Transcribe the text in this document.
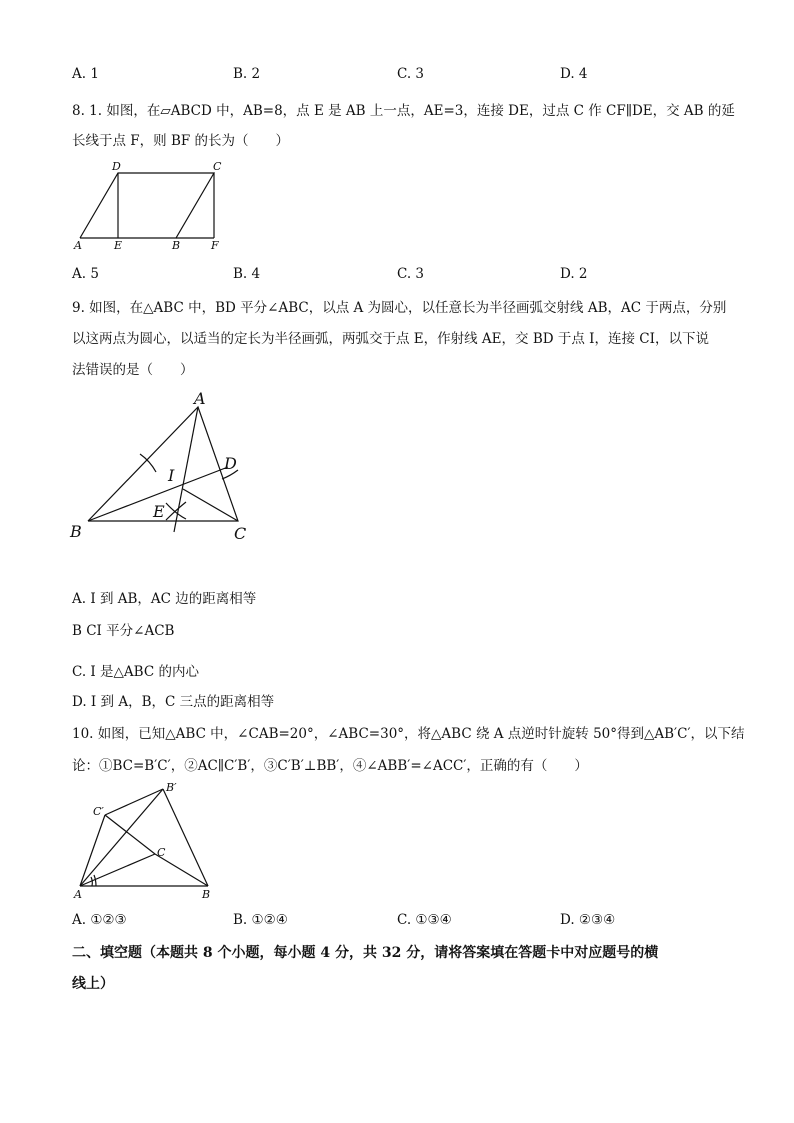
A. 1	B. 2	C. 3	D. 4
8. 1. 如图，在▱ABCD 中，AB=8，点 E 是 AB 上一点，AE=3，连接 DE，过点 C 作 CF∥DE，交 AB 的延
长线于点 F，则 BF 的长为（　　）
A
D	C
E	B	F
A. 5	B. 4	C. 3	D. 2
9. 如图，在△ABC 中，BD 平分∠ABC，以点 A 为圆心，以任意长为半径画弧交射线 AB，AC 于两点，分别
以这两点为圆心，以适当的定长为半径画弧，两弧交于点 E，作射线 AE，交 BD 于点 I，连接 CI，以下说
法错误的是（　　）
A
B	C
D
E
I
A. I 到 AB，AC 边的距离相等
B CI 平分∠ACB
C. I 是△ABC 的内心
D. I 到 A，B，C 三点的距离相等
10. 如图，已知△ABC 中，∠CAB=20°，∠ABC=30°，将△ABC 绕 A 点逆时针旋转 50°得到△AB′C′，以下结
论：①BC=B′C′，②AC∥C′B′，③C′B′⊥BB′，④∠ABB′=∠ACC′，正确的有（　　）
A	B
C
B′
C′
A. ①②③	B. ①②④	C. ①③④	D. ②③④
二、填空题（本题共 8 个小题，每小题 4 分，共 32 分，请将答案填在答题卡中对应题号的横
线上）
